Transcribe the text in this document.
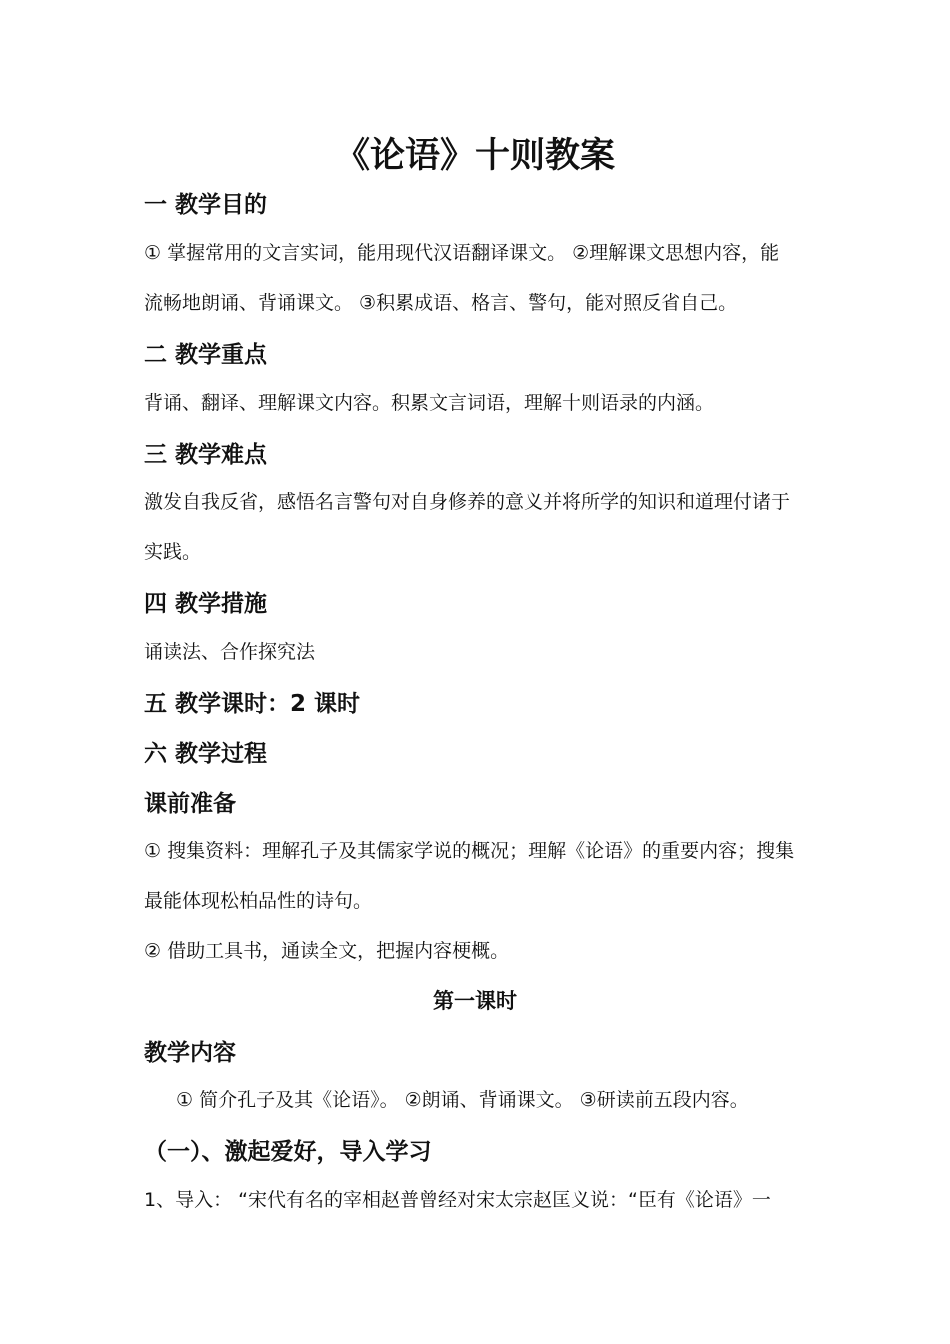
《论语》十则教案
一 教学目的

① 掌握常用的文言实词，能用现代汉语翻译课文。 ②理解课文思想内容，能

流畅地朗诵、背诵课文。 ③积累成语、格言、警句，能对照反省自己。

二 教学重点

背诵、翻译、理解课文内容。积累文言词语，理解十则语录的内涵。

三 教学难点

激发自我反省，感悟名言警句对自身修养的意义并将所学的知识和道理付诸于

实践。

四 教学措施

诵读法、合作探究法

五 教学课时：2 课时
六 教学过程
课前准备

① 搜集资料：理解孔子及其儒家学说的概况；理解《论语》的重要内容；搜集

最能体现松柏品性的诗句。

② 借助工具书，通读全文，把握内容梗概。

第一课时
教学内容

① 简介孔子及其《论语》。 ②朗诵、背诵课文。 ③研读前五段内容。

（一）、激起爱好，导入学习

1、导入： “宋代有名的宰相赵普曾经对宋太宗赵匡义说：“臣有《论语》一
